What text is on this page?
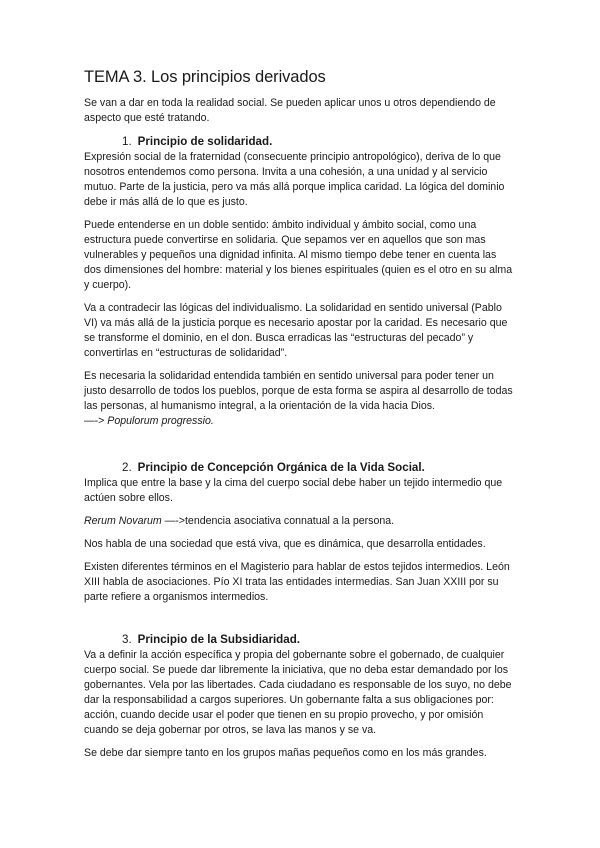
TEMA 3. Los principios derivados

Se van a dar en toda la realidad social. Se pueden aplicar unos u otros dependiendo de aspecto que esté tratando.

1. Principio de solidaridad.

Expresión social de la fraternidad (consecuente principio antropológico), deriva de lo que nosotros entendemos como persona. Invita a una cohesión, a una unidad y al servicio mutuo. Parte de la justicia, pero va más allá porque implica caridad. La lógica del dominio debe ir más allá de lo que es justo.

Puede entenderse en un doble sentido: ámbito individual y ámbito social, como una estructura puede convertirse en solidaria. Que sepamos ver en aquellos que son mas vulnerables y pequeños una dignidad infinita. Al mismo tiempo debe tener en cuenta las dos dimensiones del hombre: material y los bienes espirituales (quien es el otro en su alma y cuerpo).

Va a contradecir las lógicas del individualismo. La solidaridad en sentido universal (Pablo VI) va más allá de la justicia porque es necesario apostar por la caridad. Es necesario que se transforme el dominio, en el don. Busca erradicas las “estructuras del pecado” y convertirlas en “estructuras de solidaridad”.

Es necesaria la solidaridad entendida también en sentido universal para poder tener un justo desarrollo de todos los pueblos, porque de esta forma se aspira al desarrollo de todas las personas, al humanismo integral, a la orientación de la vida hacia Dios.
—-> Populorum progressio.

2. Principio de Concepción Orgánica de la Vida Social.

Implica que entre la base y la cima del cuerpo social debe haber un tejido intermedio que actúen sobre ellos.

Rerum Novarum —->tendencia asociativa connatual a la persona.

Nos habla de una sociedad que está viva, que es dinámica, que desarrolla entidades.

Existen diferentes términos en el Magisterio para hablar de estos tejidos intermedios. León XIII habla de asociaciones. Pío XI trata las entidades intermedias. San Juan XXIII por su parte refiere a organismos intermedios.

3. Principio de la Subsidiaridad.

Va a definir la acción específica y propia del gobernante sobre el gobernado, de cualquier cuerpo social. Se puede dar libremente la iniciativa, que no deba estar demandado por los gobernantes. Vela por las libertades. Cada ciudadano es responsable de los suyo, no debe dar la responsabilidad a cargos superiores. Un gobernante falta a sus obligaciones por: acción, cuando decide usar el poder que tienen en su propio provecho, y por omisión cuando se deja gobernar por otros, se lava las manos y se va.

Se debe dar siempre tanto en los grupos mañas pequeños como en los más grandes.
